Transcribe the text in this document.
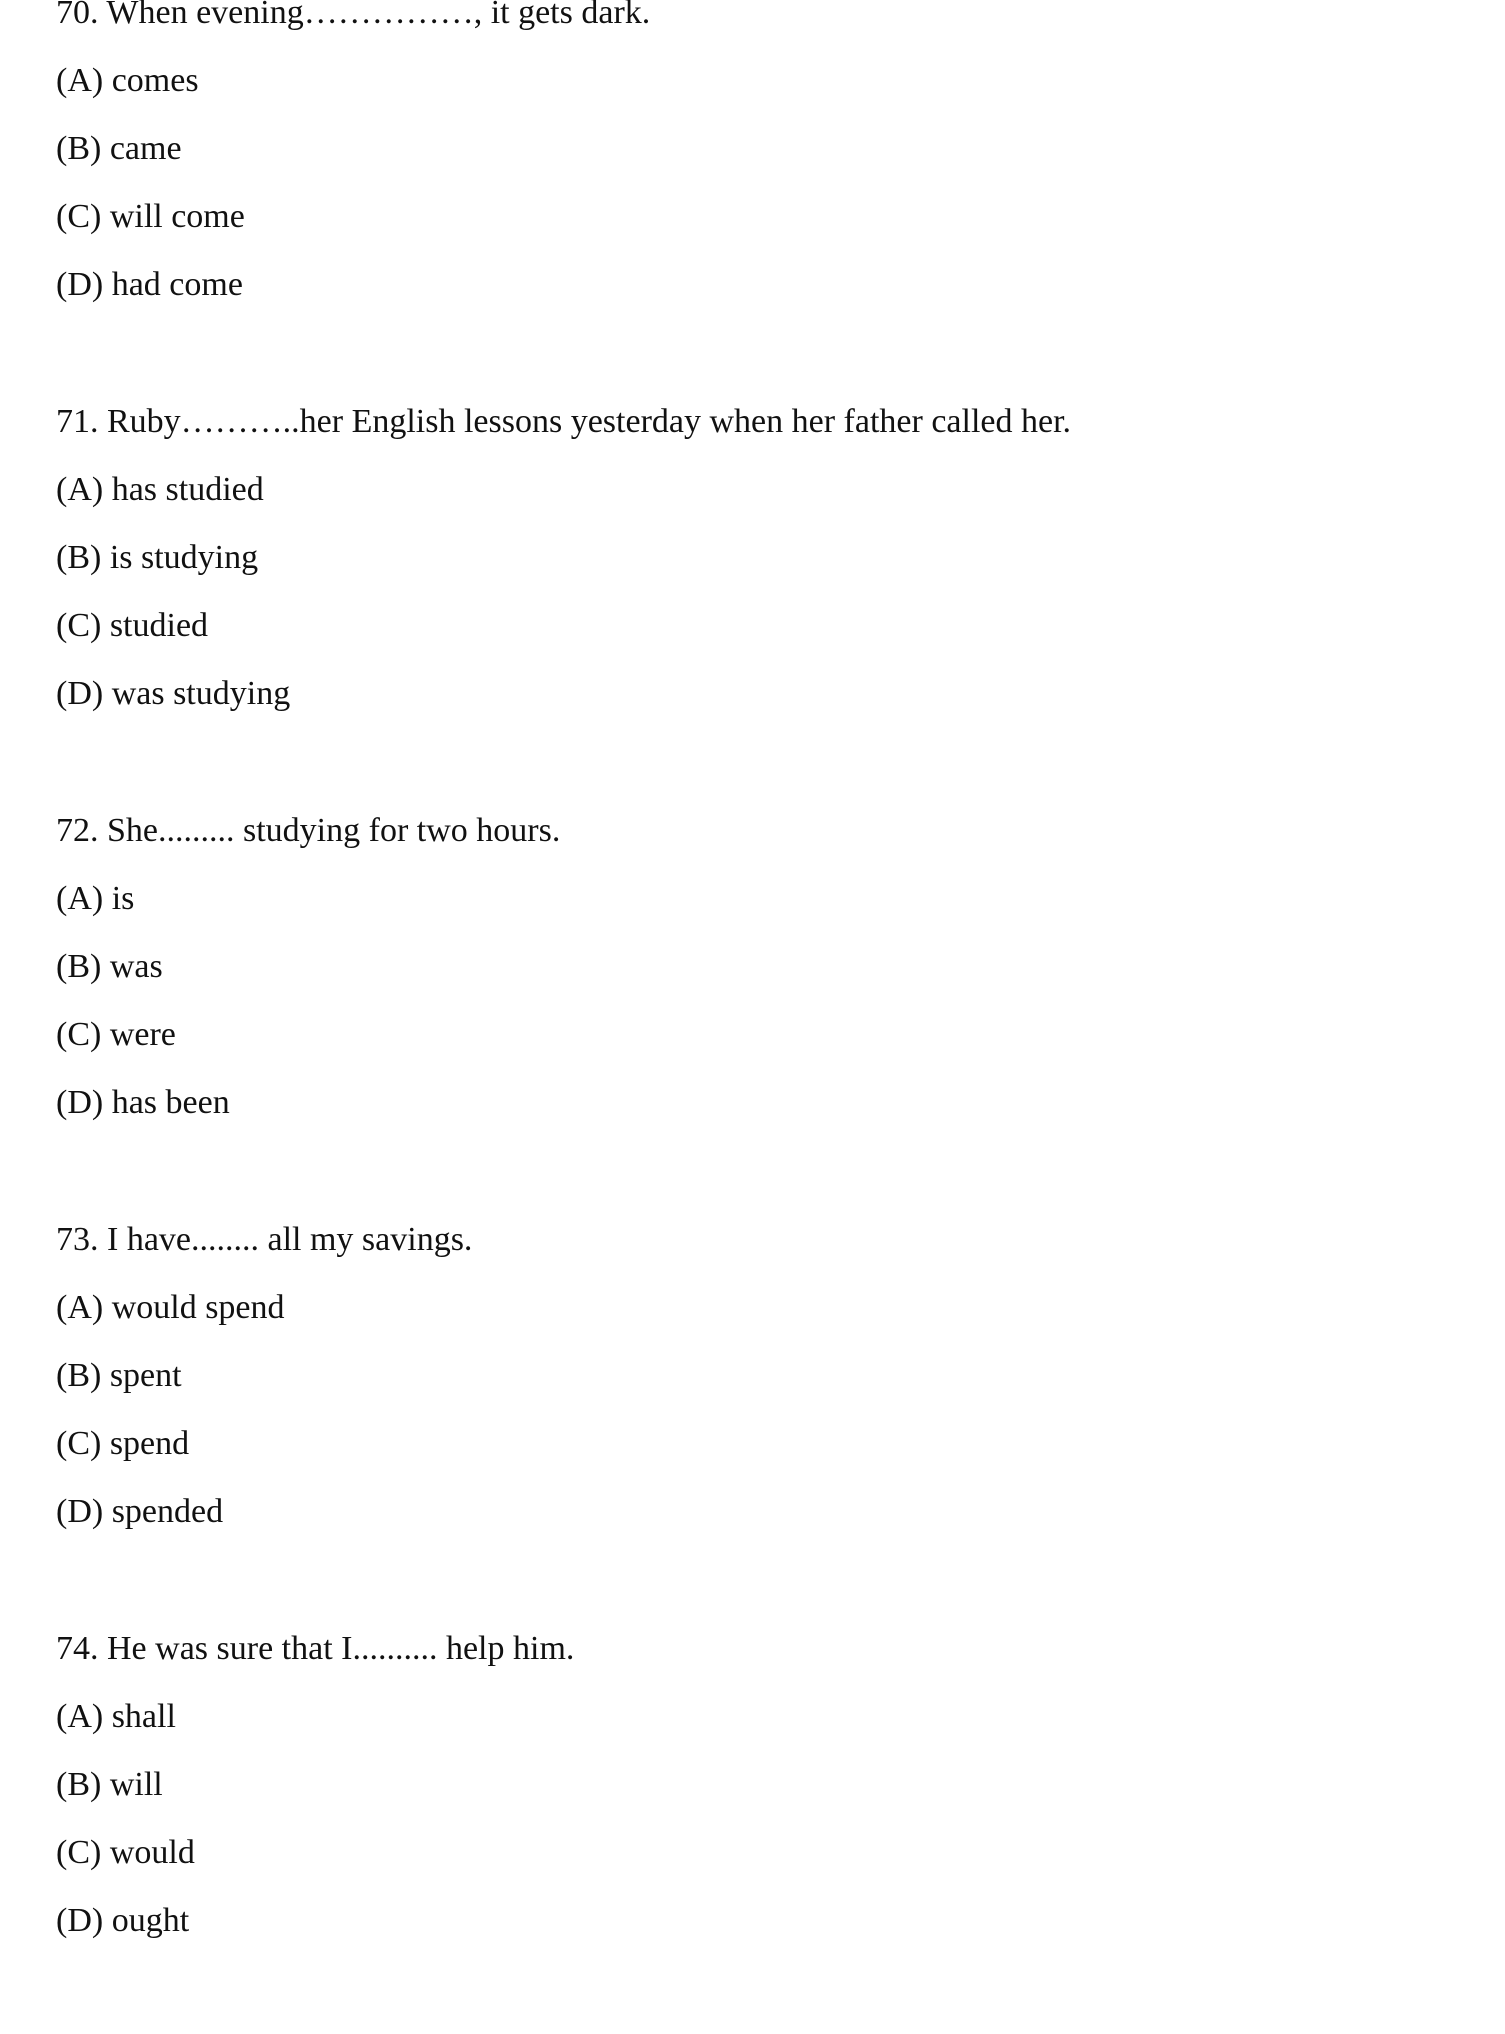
70. When evening……………, it gets dark.
(A) comes
(B) came
(C) will come
(D) had come
71. Ruby………..her English lessons yesterday when her father called her.
(A) has studied
(B) is studying
(C) studied
(D) was studying
72. She......... studying for two hours.
(A) is
(B) was
(C) were
(D) has been
73. I have........ all my savings.
(A) would spend
(B) spent
(C) spend
(D) spended
74. He was sure that I.......... help him.
(A) shall
(B) will
(C) would
(D) ought
